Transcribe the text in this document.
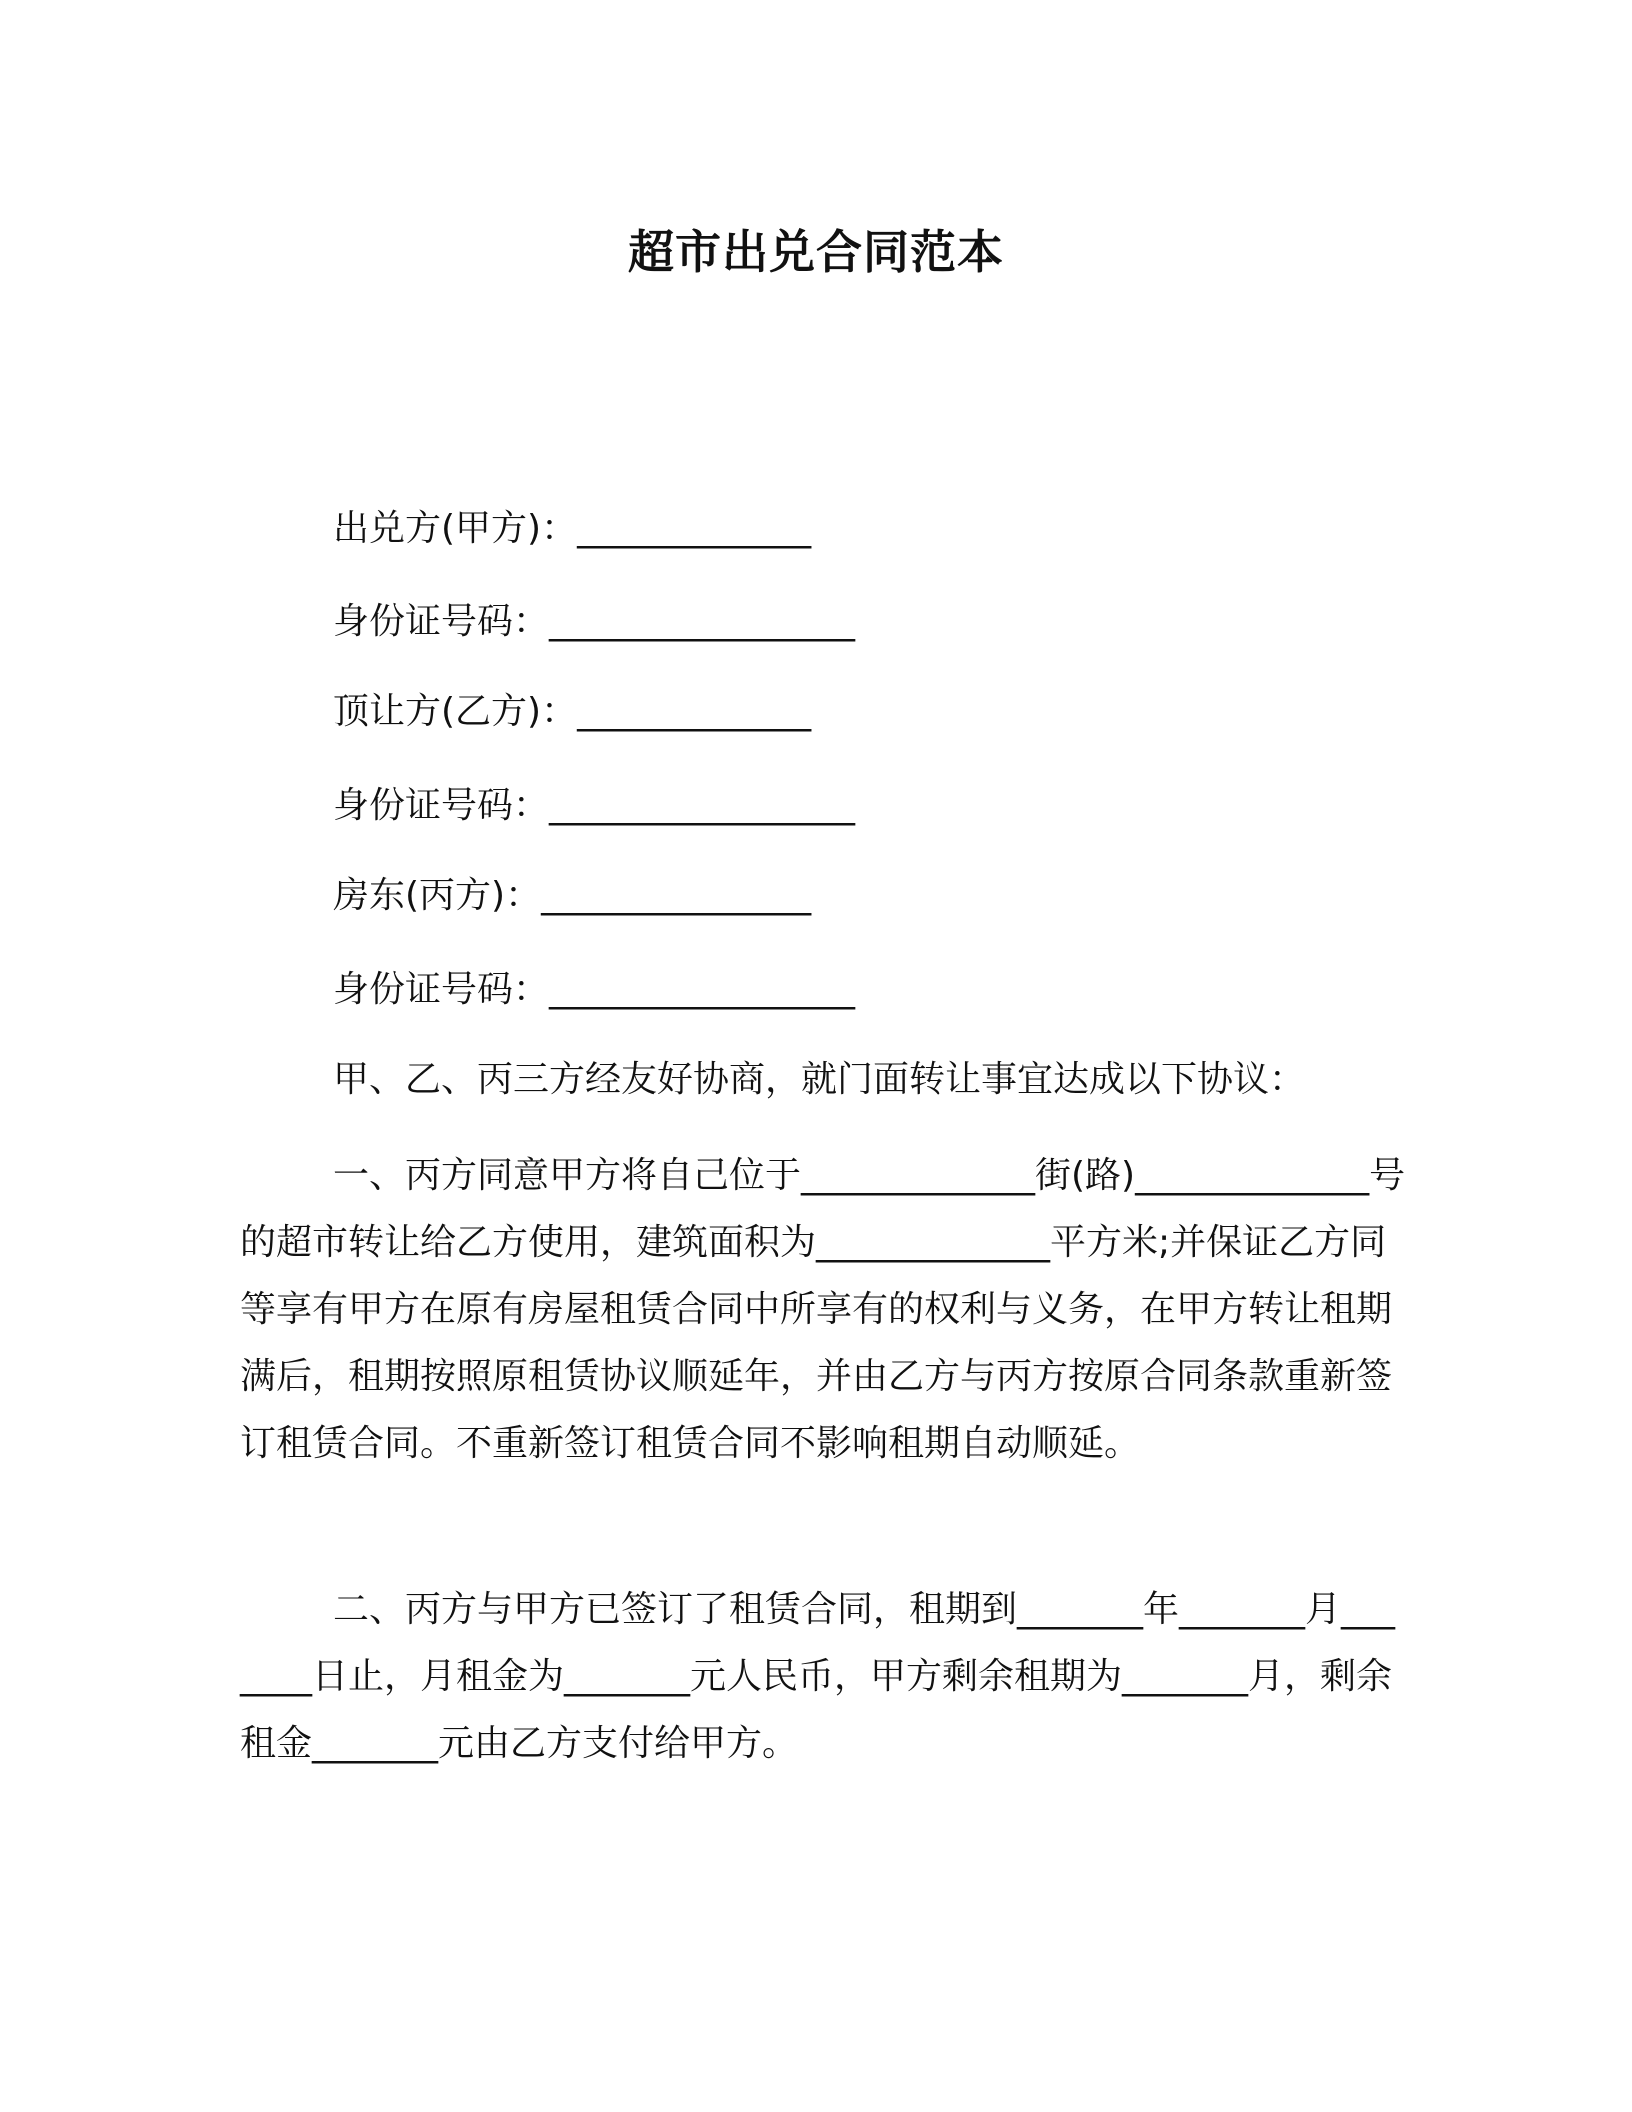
超市出兑合同范本
出兑方(甲方)：_____________
身份证号码：_________________
顶让方(乙方)：_____________
身份证号码：_________________
房东(丙方)：_______________
身份证号码：_________________
甲、乙、丙三方经友好协商，就门面转让事宜达成以下协议：

一、丙方同意甲方将自己位于_____________街(路)_____________号的超市转让给乙方使用，建筑面积为_____________平方米;并保证乙方同等享有甲方在原有房屋租赁合同中所享有的权利与义务，在甲方转让租期满后，租期按照原租赁协议顺延年，并由乙方与丙方按原合同条款重新签订租赁合同。不重新签订租赁合同不影响租期自动顺延。

二、丙方与甲方已签订了租赁合同，租期到_______年_______月_______日止，月租金为_______元人民币，甲方剩余租期为_______月，剩余租金_______元由乙方支付给甲方。
